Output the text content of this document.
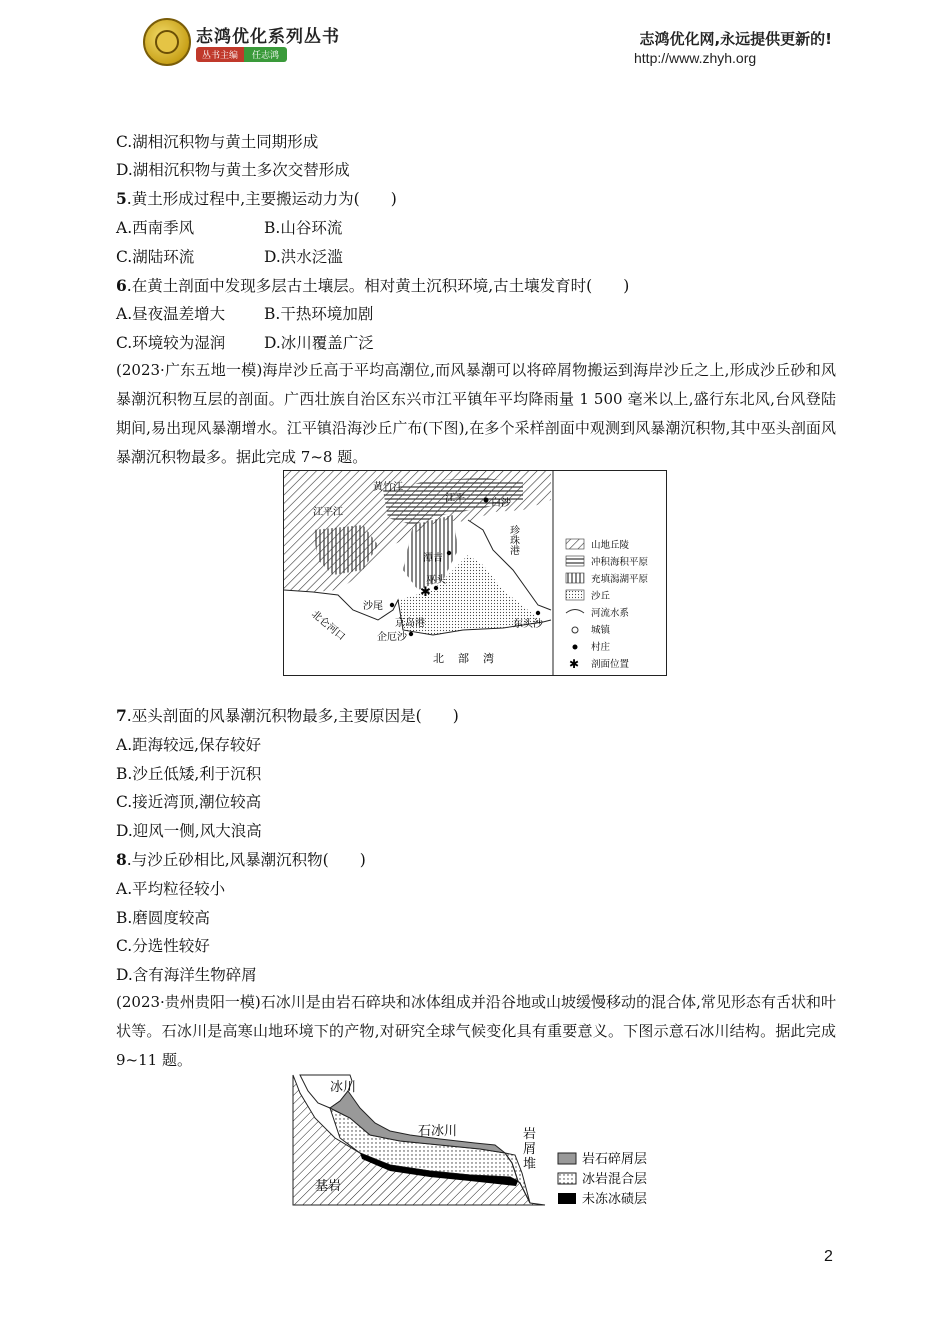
志鸿优化系列丛书
丛书主编	任志鸿
志鸿优化网,永远提供更新的!
http://www.zhyh.org
C.湖相沉积物与黄土同期形成
D.湖相沉积物与黄土多次交替形成
5.黄土形成过程中,主要搬运动力为(　　)
A.西南季风	B.山谷环流
C.湖陆环流	D.洪水泛滥
6.在黄土剖面中发现多层古土壤层。相对黄土沉积环境,古土壤发育时(　　)
A.昼夜温差增大	B.干热环境加剧
C.环境较为湿润	D.冰川覆盖广泛
(2023·广东五地一模)海岸沙丘高于平均高潮位,而风暴潮可以将碎屑物搬运到海岸沙丘之上,形成沙丘砂和风暴潮沉积物互层的剖面。广西壮族自治区东兴市江平镇年平均降雨量 1 500 毫米以上,盛行东北风,台风登陆期间,易出现风暴潮增水。江平镇沿海沙丘广布(下图),在多个采样剖面中观测到风暴潮沉积物,其中巫头剖面风暴潮沉积物最多。据此完成 7~8 题。
白沙
江平
黄竹江
江平江
潭吉
巫头
✱
沙尾
京岛港
企厄沙
东头沙
珍珠港
北仑河口
北部湾
山地丘陵
冲积海积平原
充填潟湖平原
沙丘
河流水系
城镇
村庄
✱ 剖面位置
7.巫头剖面的风暴潮沉积物最多,主要原因是(　　)
A.距海较远,保存较好
B.沙丘低矮,利于沉积
C.接近湾顶,潮位较高
D.迎风一侧,风大浪高
8.与沙丘砂相比,风暴潮沉积物(　　)
A.平均粒径较小
B.磨圆度较高
C.分选性较好
D.含有海洋生物碎屑
(2023·贵州贵阳一模)石冰川是由岩石碎块和冰体组成并沿谷地或山坡缓慢移动的混合体,常见形态有舌状和叶状等。石冰川是高寒山地环境下的产物,对研究全球气候变化具有重要意义。下图示意石冰川结构。据此完成 9~11 题。
冰川
石冰川	岩
屑
堆
基岩
岩石碎屑层
冰岩混合层
未冻冰碛层
2
